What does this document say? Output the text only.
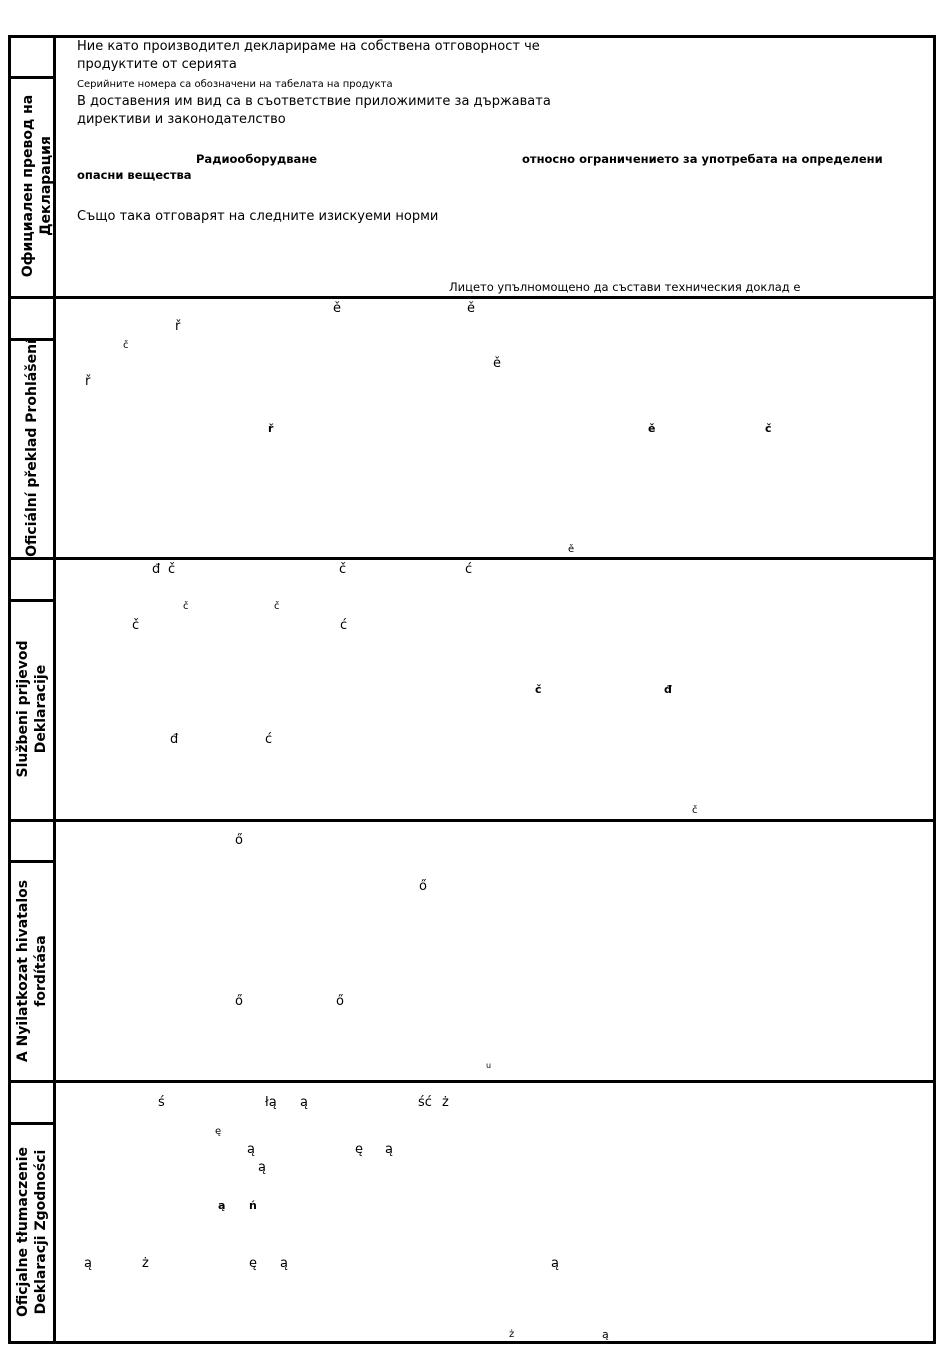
Официален превод на Декларация
Ние като производител декларираме на собствена отговорност че
продуктите от серията
Серийните номера са обозначени на табелата на продукта
В доставения им вид са в съответствие приложимите за държавата
директиви и законодателство
Радиооборудване	относно ограничението за употребата на определени
опасни вещества
Също така отговарят на следните изискуеми норми
Лицето упълномощено да състави техническия доклад е
Oficiální překlad Prohlášení
ě	ě
ř
č
ě
ř
ř	ě	č
ě
Službeni prijevod Deklaracije
đ č	č	ć
č	č
č	ć
č	đ
đ	ć
č
A Nyilatkozat hivatalos fordítása
ő
ő
ő	ő
u
Oficjalne tłumaczenie Deklaracji Zgodności
ś	łą ą	ść ż
ę
ą	ę ą
ą
ą ń
ą	ż	ę ą	ą
ż	ą
